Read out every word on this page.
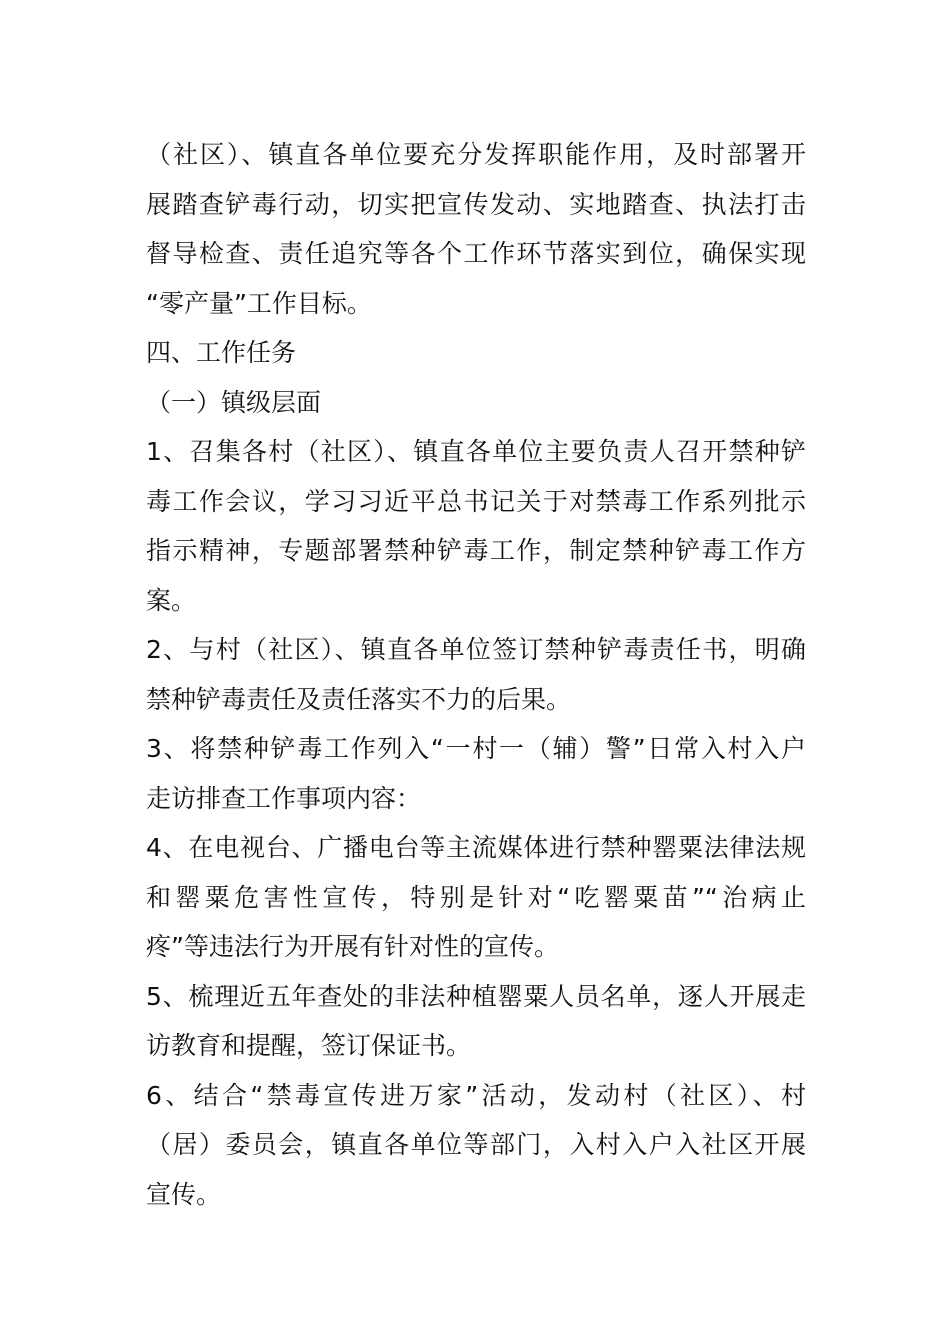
（社区）、镇直各单位要充分发挥职能作用，及时部署开
展踏查铲毒行动，切实把宣传发动、实地踏查、执法打击
督导检查、责任追究等各个工作环节落实到位，确保实现
“零产量”工作目标。
四、工作任务
（一）镇级层面
1、召集各村（社区）、镇直各单位主要负责人召开禁种铲
毒工作会议，学习习近平总书记关于对禁毒工作系列批示
指示精神，专题部署禁种铲毒工作，制定禁种铲毒工作方
案。
2、与村（社区）、镇直各单位签订禁种铲毒责任书，明确
禁种铲毒责任及责任落实不力的后果。
3、将禁种铲毒工作列入“一村一（辅）警”日常入村入户
走访排查工作事项内容：
4、在电视台、广播电台等主流媒体进行禁种罂粟法律法规
和罂粟危害性宣传，特别是针对“吃罂粟苗”“治病止
疼”等违法行为开展有针对性的宣传。
5、梳理近五年查处的非法种植罂粟人员名单，逐人开展走
访教育和提醒，签订保证书。
6、结合“禁毒宣传进万家”活动，发动村（社区）、村
（居）委员会，镇直各单位等部门，入村入户入社区开展
宣传。
